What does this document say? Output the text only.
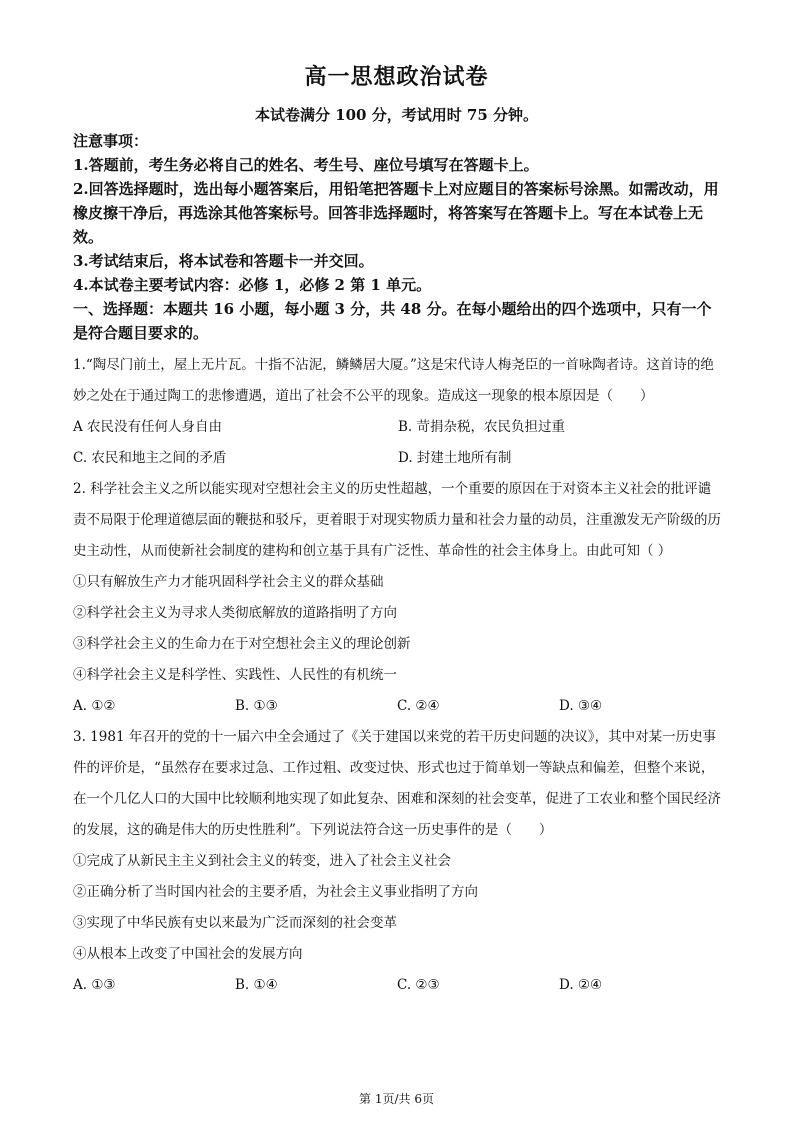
高一思想政治试卷
本试卷满分 100 分，考试用时 75 分钟。

注意事项：

1.答题前，考生务必将自己的姓名、考生号、座位号填写在答题卡上。

2.回答选择题时，选出每小题答案后，用铅笔把答题卡上对应题目的答案标号涂黑。如需改动，用橡皮擦干净后，再选涂其他答案标号。回答非选择题时，将答案写在答题卡上。写在本试卷上无效。

3.考试结束后，将本试卷和答题卡一并交回。

4.本试卷主要考试内容：必修 1，必修 2 第 1 单元。

一、选择题：本题共 16 小题，每小题 3 分，共 48 分。在每小题给出的四个选项中，只有一个是符合题目要求的。

1.“陶尽门前土，屋上无片瓦。十指不沾泥，鳞鳞居大厦。”这是宋代诗人梅尧臣的一首咏陶者诗。这首诗的绝妙之处在于通过陶工的悲惨遭遇，道出了社会不公平的现象。造成这一现象的根本原因是（　　）

A 农民没有任何人身自由	B. 苛捐杂税，农民负担过重
C. 农民和地主之间的矛盾	D. 封建土地所有制

2. 科学社会主义之所以能实现对空想社会主义的历史性超越，一个重要的原因在于对资本主义社会的批评谴责不局限于伦理道德层面的鞭挞和驳斥，更着眼于对现实物质力量和社会力量的动员，注重激发无产阶级的历史主动性，从而使新社会制度的建构和创立基于具有广泛性、革命性的社会主体身上。由此可知（ ）

①只有解放生产力才能巩固科学社会主义的群众基础

②科学社会主义为寻求人类彻底解放的道路指明了方向

③科学社会主义的生命力在于对空想社会主义的理论创新

④科学社会主义是科学性、实践性、人民性的有机统一

A. ①②	B. ①③	C. ②④	D. ③④

3. 1981 年召开的党的十一届六中全会通过了《关于建国以来党的若干历史问题的决议》，其中对某一历史事件的评价是，“虽然存在要求过急、工作过粗、改变过快、形式也过于简单划一等缺点和偏差，但整个来说，在一个几亿人口的大国中比较顺利地实现了如此复杂、困难和深刻的社会变革，促进了工农业和整个国民经济的发展，这的确是伟大的历史性胜利”。下列说法符合这一历史事件的是（　　）

①完成了从新民主主义到社会主义的转变，进入了社会主义社会

②正确分析了当时国内社会的主要矛盾，为社会主义事业指明了方向

③实现了中华民族有史以来最为广泛而深刻的社会变革

④从根本上改变了中国社会的发展方向

A. ①③	B. ①④	C. ②③	D. ②④
第 1页/共 6页
